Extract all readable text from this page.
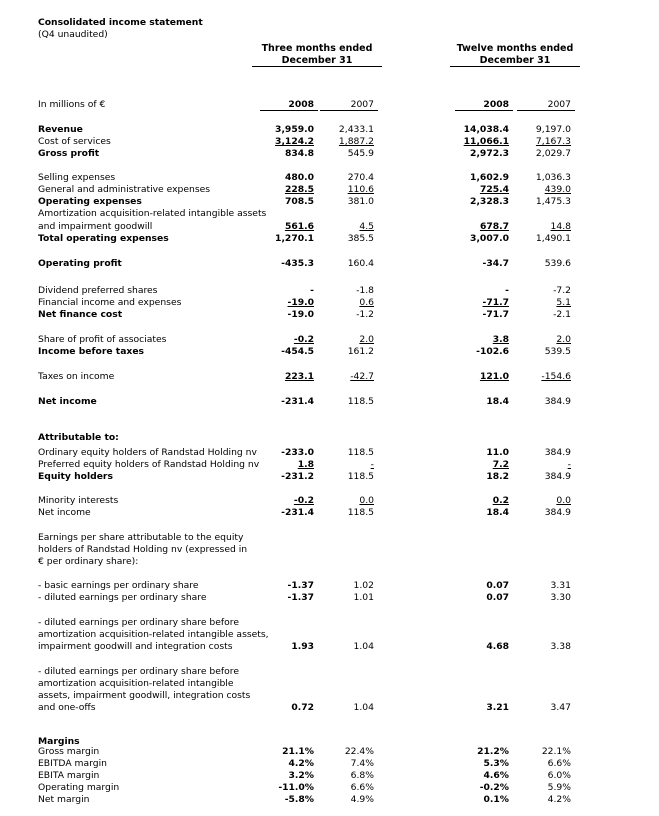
Consolidated income statement
(Q4 unaudited)
Three months ended
December 31
Twelve months ended
December 31
In millions of €	2008	2007	2008	2007
Revenue	3,959.0	2,433.1	14,038.4	9,197.0
Cost of services	3,124.2	1,887.2	11,066.1	7,167.3
Gross profit	834.8	545.9	2,972.3	2,029.7
Selling expenses	480.0	270.4	1,602.9	1,036.3
General and administrative expenses	228.5	110.6	725.4	439.0
Operating expenses	708.5	381.0	2,328.3	1,475.3
Amortization acquisition-related intangible assets
and impairment goodwill	561.6	4.5	678.7	14.8
Total operating expenses	1,270.1	385.5	3,007.0	1,490.1
Operating profit	-435.3	160.4	-34.7	539.6
Dividend preferred shares	-	-1.8	-	-7.2
Financial income and expenses	-19.0	0.6	-71.7	5.1
Net finance cost	-19.0	-1.2	-71.7	-2.1
Share of profit of associates	-0.2	2.0	3.8	2.0
Income before taxes	-454.5	161.2	-102.6	539.5
Taxes on income	223.1	-42.7	121.0	-154.6
Net income	-231.4	118.5	18.4	384.9
Attributable to:
Ordinary equity holders of Randstad Holding nv	-233.0	118.5	11.0	384.9
Preferred equity holders of Randstad Holding nv	1.8	-	7.2	-
Equity holders	-231.2	118.5	18.2	384.9
Minority interests	-0.2	0.0	0.2	0.0
Net income	-231.4	118.5	18.4	384.9
Earnings per share attributable to the equity
holders of Randstad Holding nv (expressed in
€ per ordinary share):
- basic earnings per ordinary share	-1.37	1.02	0.07	3.31
- diluted earnings per ordinary share	-1.37	1.01	0.07	3.30
- diluted earnings per ordinary share before
amortization acquisition-related intangible assets,
impairment goodwill and integration costs	1.93	1.04	4.68	3.38
- diluted earnings per ordinary share before
amortization acquisition-related intangible
assets, impairment goodwill, integration costs
and one-offs	0.72	1.04	3.21	3.47
Margins
Gross margin	21.1%	22.4%	21.2%	22.1%
EBITDA margin	4.2%	7.4%	5.3%	6.6%
EBITA margin	3.2%	6.8%	4.6%	6.0%
Operating margin	-11.0%	6.6%	-0.2%	5.9%
Net margin	-5.8%	4.9%	0.1%	4.2%
